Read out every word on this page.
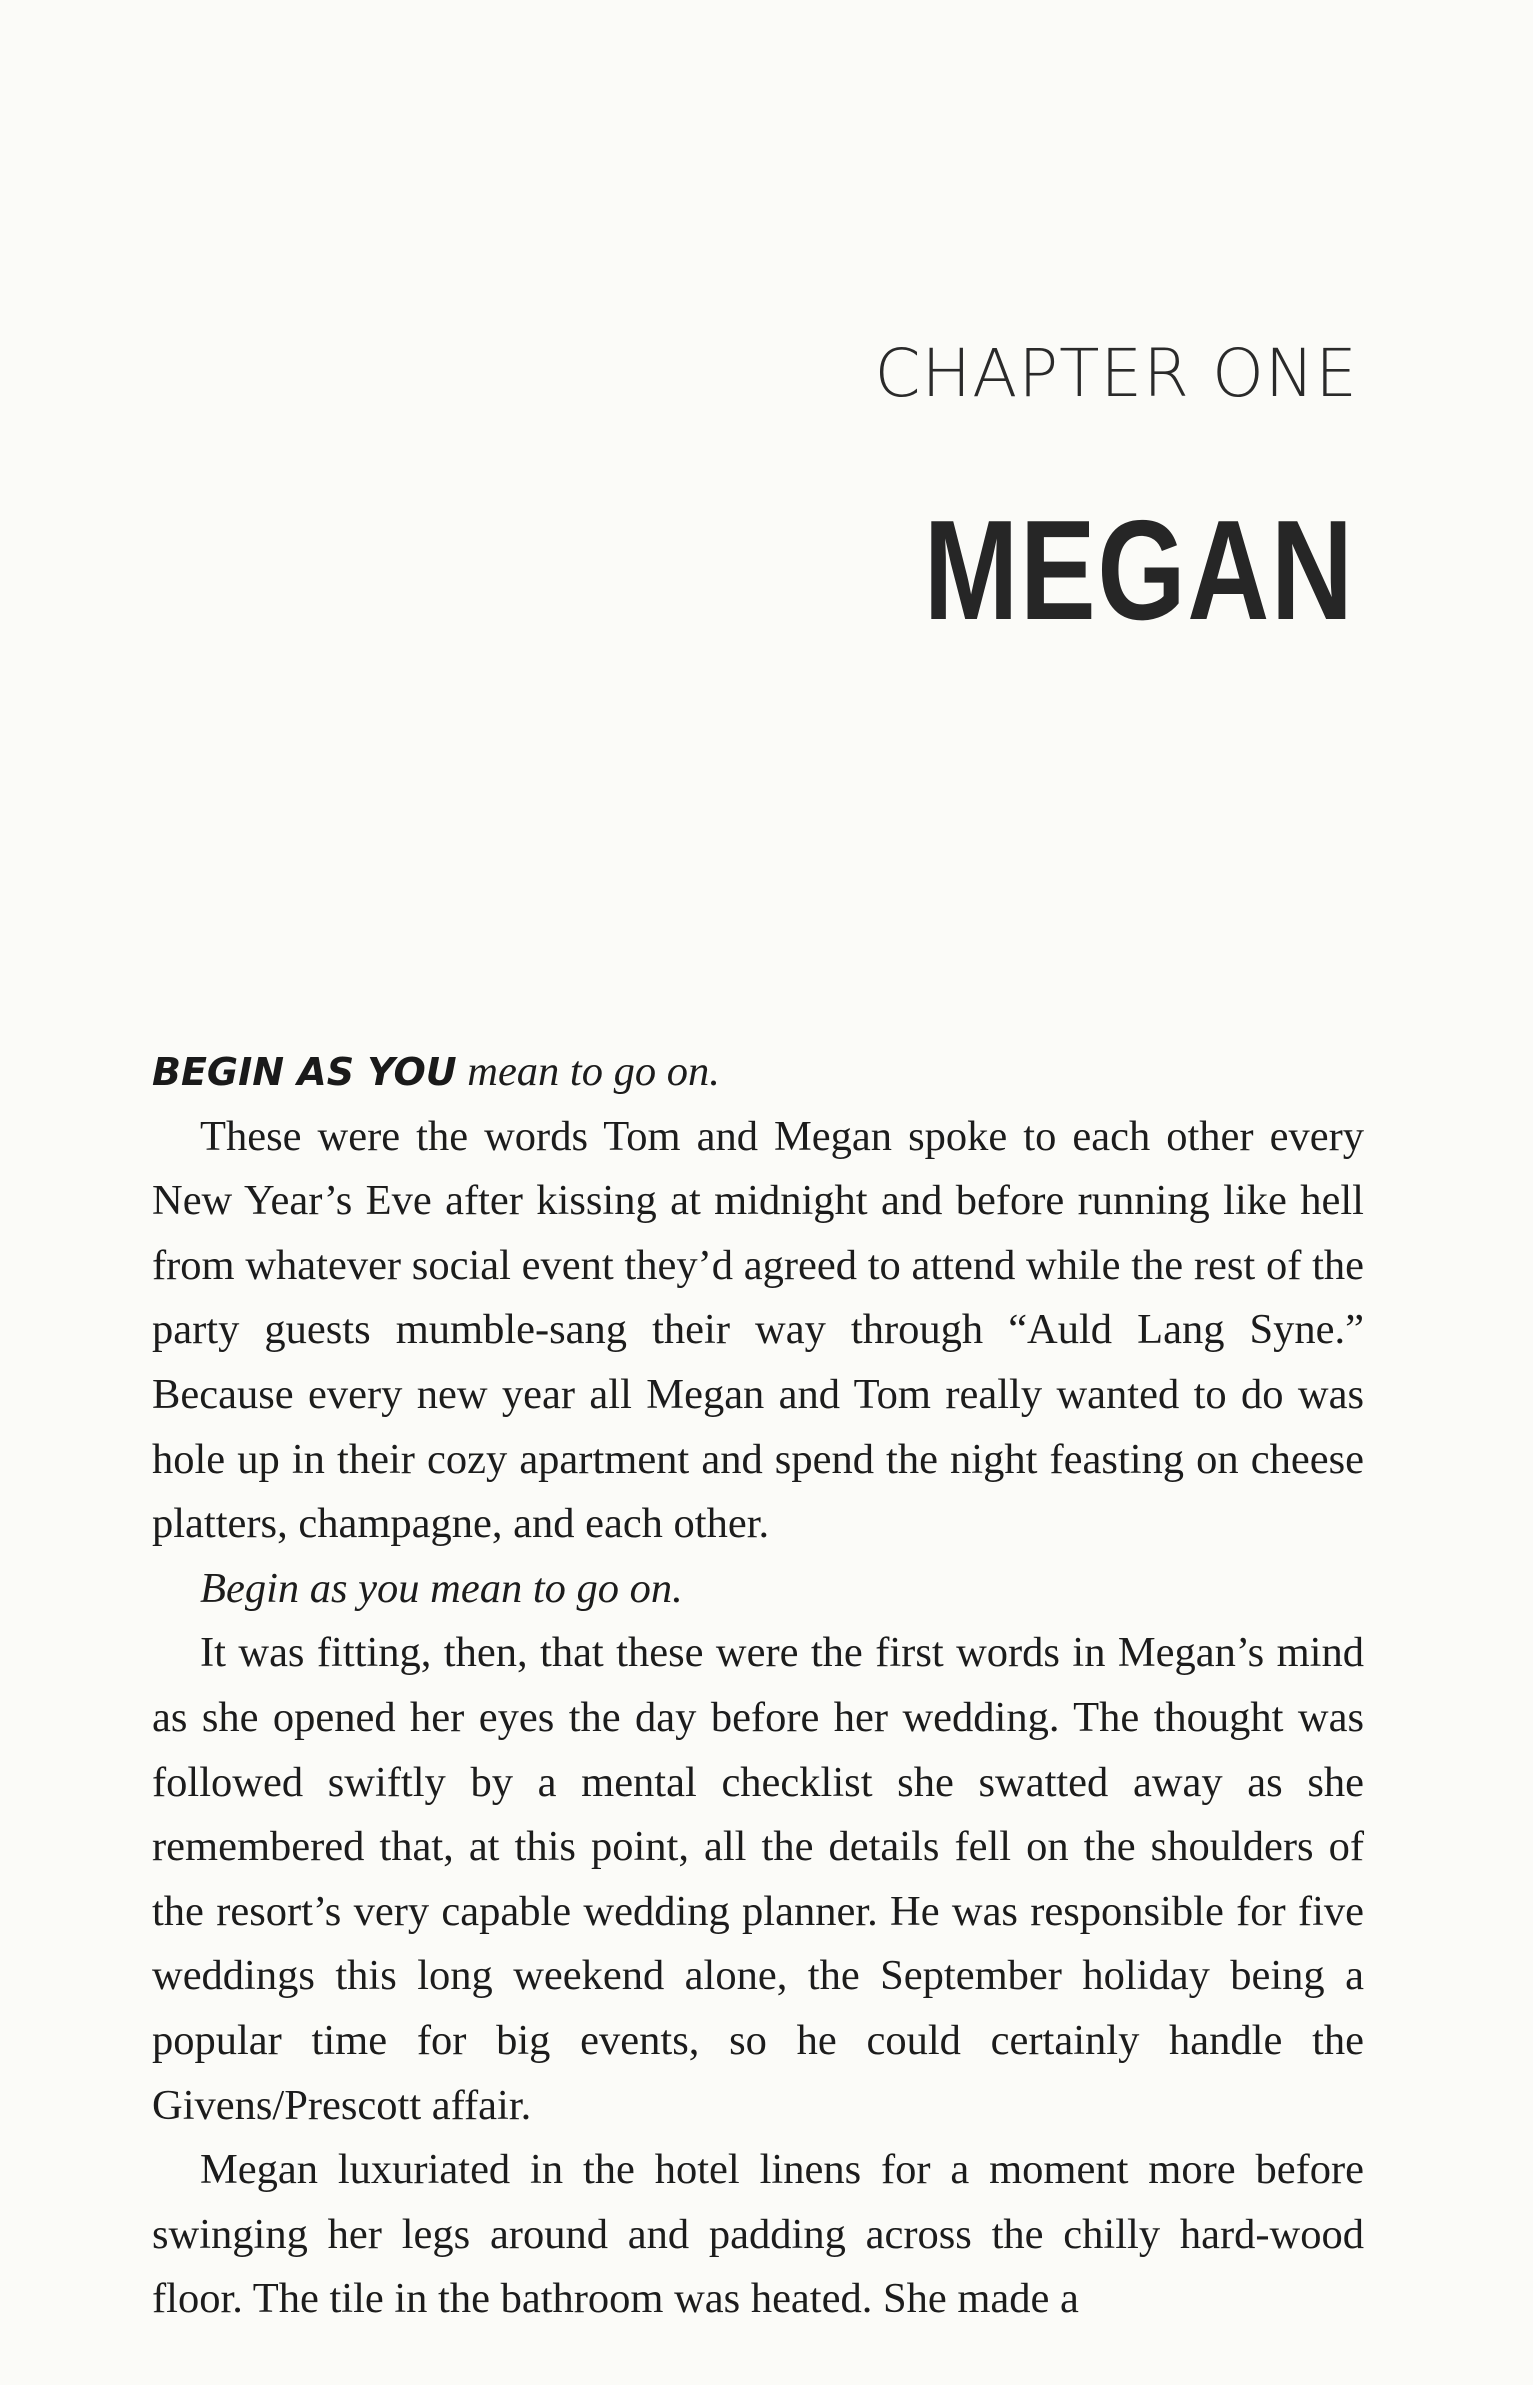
CHAPTER ONE
MEGAN

BEGIN AS YOU mean to go on.

These were the words Tom and Megan spoke to each other every New Year’s Eve after kissing at midnight and before running like hell from whatever social event they’d agreed to attend while the rest of the party guests mumble-sang their way through “Auld Lang Syne.” Because every new year all Megan and Tom really wanted to do was hole up in their cozy apartment and spend the night feasting on cheese platters, champagne, and each other.

Begin as you mean to go on.

It was fitting, then, that these were the first words in Megan’s mind as she opened her eyes the day before her wedding. The thought was followed swiftly by a mental checklist she swatted away as she remembered that, at this point, all the details fell on the shoulders of the resort’s very capable wedding planner. He was responsible for five weddings this long weekend alone, the September holiday being a popular time for big events, so he could certainly handle the Givens/Prescott affair.

Megan luxuriated in the hotel linens for a moment more before swinging her legs around and padding across the chilly hard-wood floor. The tile in the bathroom was heated. She made a
